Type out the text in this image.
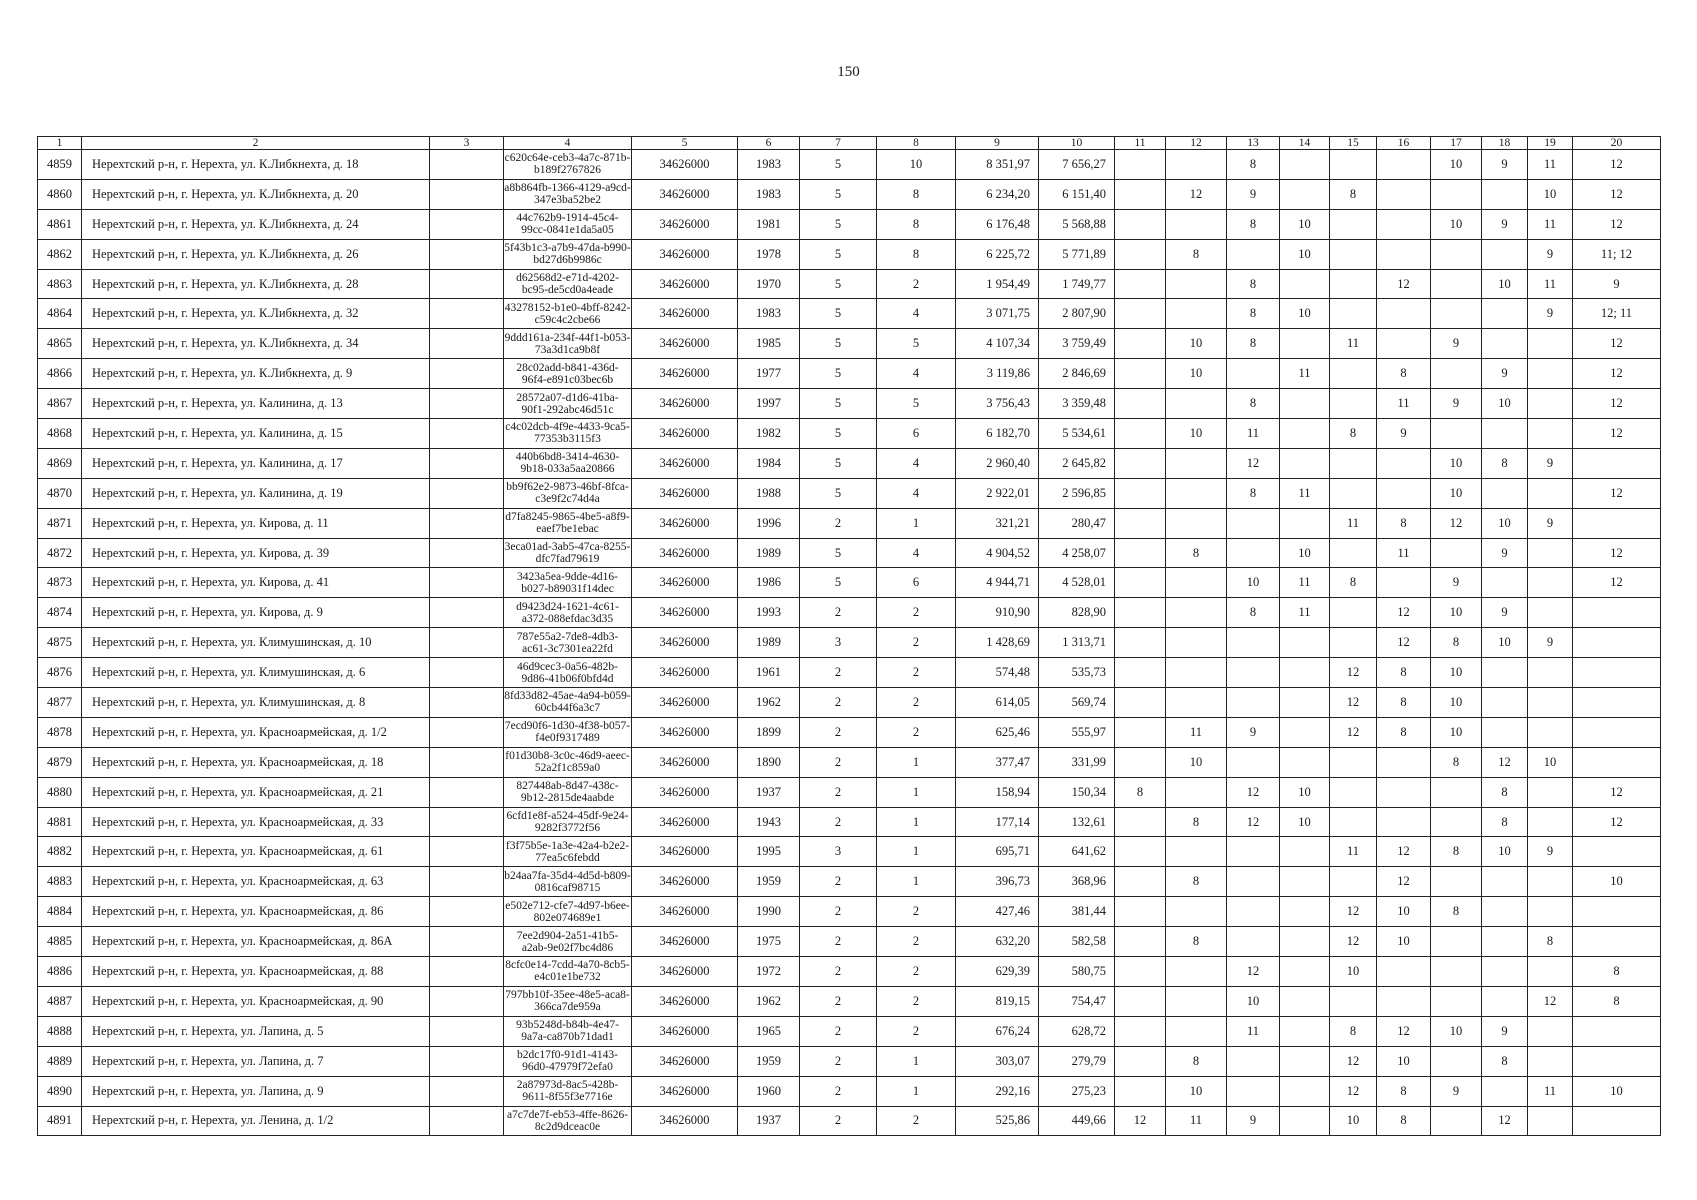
150
1	2	3	4	5	6	7	8	9	10	11	12	13	14	15	16	17	18	19	20
4859	Нерехтский р-н, г. Нерехта, ул. К.Либкнехта, д. 18		c620c64e-ceb3-4a7c-871b-b189f2767826	34626000	1983	5	10	8 351,97	7 656,27			8				10	9	11	12
4860	Нерехтский р-н, г. Нерехта, ул. К.Либкнехта, д. 20		a8b864fb-1366-4129-a9cd-347e3ba52be2	34626000	1983	5	8	6 234,20	6 151,40		12	9		8				10	12
4861	Нерехтский р-н, г. Нерехта, ул. К.Либкнехта, д. 24		44c762b9-1914-45c4-99cc-0841e1da5a05	34626000	1981	5	8	6 176,48	5 568,88			8	10			10	9	11	12
4862	Нерехтский р-н, г. Нерехта, ул. К.Либкнехта, д. 26		5f43b1c3-a7b9-47da-b990-bd27d6b9986c	34626000	1978	5	8	6 225,72	5 771,89		8		10					9	11; 12
4863	Нерехтский р-н, г. Нерехта, ул. К.Либкнехта, д. 28		d62568d2-e71d-4202-bc95-de5cd0a4eade	34626000	1970	5	2	1 954,49	1 749,77			8			12		10	11	9
4864	Нерехтский р-н, г. Нерехта, ул. К.Либкнехта, д. 32		43278152-b1e0-4bff-8242-c59c4c2cbe66	34626000	1983	5	4	3 071,75	2 807,90			8	10					9	12; 11
4865	Нерехтский р-н, г. Нерехта, ул. К.Либкнехта, д. 34		9ddd161a-234f-44f1-b053-73a3d1ca9b8f	34626000	1985	5	5	4 107,34	3 759,49		10	8		11		9			12
4866	Нерехтский р-н, г. Нерехта, ул. К.Либкнехта, д. 9		28c02add-b841-436d-96f4-e891c03bec6b	34626000	1977	5	4	3 119,86	2 846,69		10		11		8		9		12
4867	Нерехтский р-н, г. Нерехта, ул. Калинина, д. 13		28572a07-d1d6-41ba-90f1-292abc46d51c	34626000	1997	5	5	3 756,43	3 359,48			8			11	9	10		12
4868	Нерехтский р-н, г. Нерехта, ул. Калинина, д. 15		c4c02dcb-4f9e-4433-9ca5-77353b3115f3	34626000	1982	5	6	6 182,70	5 534,61		10	11		8	9				12
4869	Нерехтский р-н, г. Нерехта, ул. Калинина, д. 17		440b6bd8-3414-4630-9b18-033a5aa20866	34626000	1984	5	4	2 960,40	2 645,82			12				10	8	9	
4870	Нерехтский р-н, г. Нерехта, ул. Калинина, д. 19		bb9f62e2-9873-46bf-8fca-c3e9f2c74d4a	34626000	1988	5	4	2 922,01	2 596,85			8	11			10			12
4871	Нерехтский р-н, г. Нерехта, ул. Кирова, д. 11		d7fa8245-9865-4be5-a8f9-eaef7be1ebac	34626000	1996	2	1	321,21	280,47					11	8	12	10	9	
4872	Нерехтский р-н, г. Нерехта, ул. Кирова, д. 39		3eca01ad-3ab5-47ca-8255-dfc7fad79619	34626000	1989	5	4	4 904,52	4 258,07		8		10		11		9		12
4873	Нерехтский р-н, г. Нерехта, ул. Кирова, д. 41		3423a5ea-9dde-4d16-b027-b89031f14dec	34626000	1986	5	6	4 944,71	4 528,01			10	11	8		9			12
4874	Нерехтский р-н, г. Нерехта, ул. Кирова, д. 9		d9423d24-1621-4c61-a372-088efdac3d35	34626000	1993	2	2	910,90	828,90			8	11		12	10	9		
4875	Нерехтский р-н, г. Нерехта, ул. Климушинская, д. 10		787e55a2-7de8-4db3-ac61-3c7301ea22fd	34626000	1989	3	2	1 428,69	1 313,71						12	8	10	9	
4876	Нерехтский р-н, г. Нерехта, ул. Климушинская, д. 6		46d9cec3-0a56-482b-9d86-41b06f0bfd4d	34626000	1961	2	2	574,48	535,73					12	8	10			
4877	Нерехтский р-н, г. Нерехта, ул. Климушинская, д. 8		8fd33d82-45ae-4a94-b059-60cb44f6a3c7	34626000	1962	2	2	614,05	569,74					12	8	10			
4878	Нерехтский р-н, г. Нерехта, ул. Красноармейская, д. 1/2		7ecd90f6-1d30-4f38-b057-f4e0f9317489	34626000	1899	2	2	625,46	555,97		11	9		12	8	10			
4879	Нерехтский р-н, г. Нерехта, ул. Красноармейская, д. 18		f01d30b8-3c0c-46d9-aeec-52a2f1c859a0	34626000	1890	2	1	377,47	331,99		10					8	12	10	
4880	Нерехтский р-н, г. Нерехта, ул. Красноармейская, д. 21		827448ab-8d47-438c-9b12-2815de4aabde	34626000	1937	2	1	158,94	150,34	8		12	10				8		12
4881	Нерехтский р-н, г. Нерехта, ул. Красноармейская, д. 33		6cfd1e8f-a524-45df-9e24-9282f3772f56	34626000	1943	2	1	177,14	132,61		8	12	10				8		12
4882	Нерехтский р-н, г. Нерехта, ул. Красноармейская, д. 61		f3f75b5e-1a3e-42a4-b2e2-77ea5c6febdd	34626000	1995	3	1	695,71	641,62					11	12	8	10	9	
4883	Нерехтский р-н, г. Нерехта, ул. Красноармейская, д. 63		b24aa7fa-35d4-4d5d-b809-0816caf98715	34626000	1959	2	1	396,73	368,96		8				12				10
4884	Нерехтский р-н, г. Нерехта, ул. Красноармейская, д. 86		e502e712-cfe7-4d97-b6ee-802e074689e1	34626000	1990	2	2	427,46	381,44					12	10	8			
4885	Нерехтский р-н, г. Нерехта, ул. Красноармейская, д. 86А		7ee2d904-2a51-41b5-a2ab-9e02f7bc4d86	34626000	1975	2	2	632,20	582,58		8			12	10			8	
4886	Нерехтский р-н, г. Нерехта, ул. Красноармейская, д. 88		8cfc0e14-7cdd-4a70-8cb5-e4c01e1be732	34626000	1972	2	2	629,39	580,75			12		10					8
4887	Нерехтский р-н, г. Нерехта, ул. Красноармейская, д. 90		797bb10f-35ee-48e5-aca8-366ca7de959a	34626000	1962	2	2	819,15	754,47			10						12	8
4888	Нерехтский р-н, г. Нерехта, ул. Лапина, д. 5		93b5248d-b84b-4e47-9a7a-ca870b71dad1	34626000	1965	2	2	676,24	628,72			11		8	12	10	9		
4889	Нерехтский р-н, г. Нерехта, ул. Лапина, д. 7		b2dc17f0-91d1-4143-96d0-47979f72efa0	34626000	1959	2	1	303,07	279,79		8			12	10		8		
4890	Нерехтский р-н, г. Нерехта, ул. Лапина, д. 9		2a87973d-8ac5-428b-9611-8f55f3e7716e	34626000	1960	2	1	292,16	275,23		10			12	8	9		11	10
4891	Нерехтский р-н, г. Нерехта, ул. Ленина, д. 1/2		a7c7de7f-eb53-4ffe-8626-8c2d9dceac0e	34626000	1937	2	2	525,86	449,66	12	11	9		10	8		12		
